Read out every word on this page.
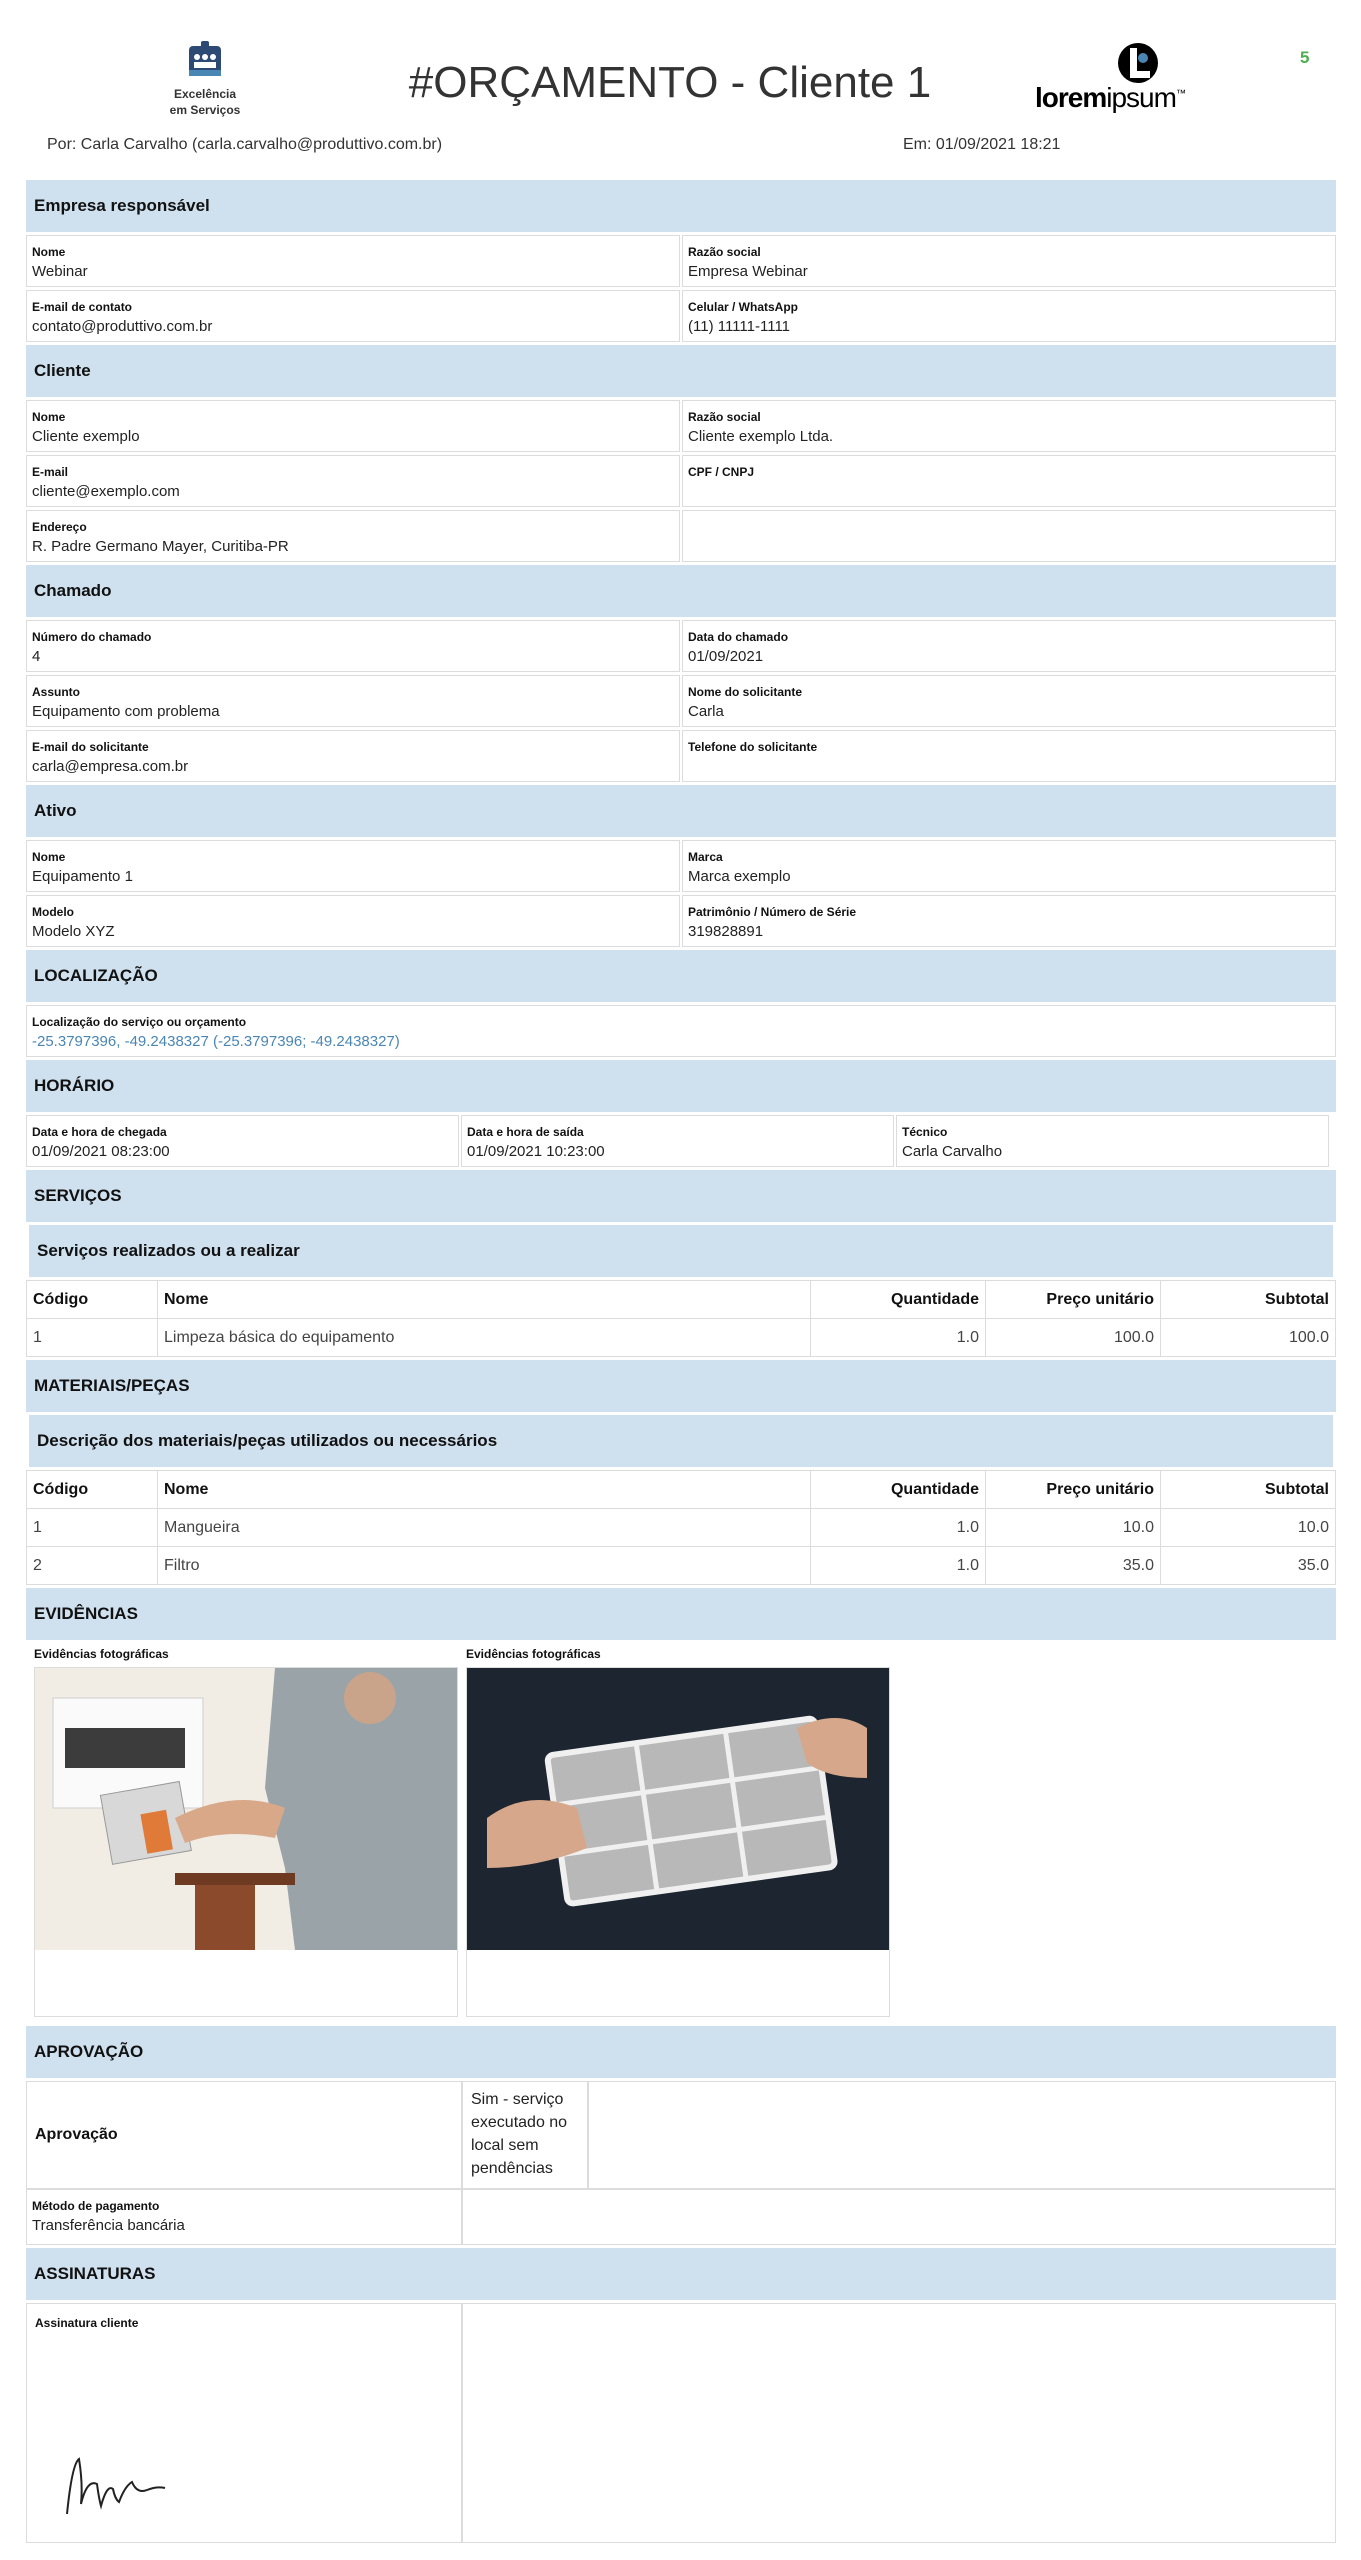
5
Excelência
em Serviços
#ORÇAMENTO - Cliente 1	loremipsum™
Por: Carla Carvalho (carla.carvalho@produttivo.com.br)	Em: 01/09/2021 18:21
Empresa responsável
Nome
Webinar
Razão social
Empresa Webinar
E-mail de contato
contato@produttivo.com.br
Celular / WhatsApp
(11) 11111-1111
Cliente
Nome
Cliente exemplo
Razão social
Cliente exemplo Ltda.
E-mail
cliente@exemplo.com
CPF / CNPJ
Endereço
R. Padre Germano Mayer, Curitiba-PR
Chamado
Número do chamado
4
Data do chamado
01/09/2021
Assunto
Equipamento com problema
Nome do solicitante
Carla
E-mail do solicitante
carla@empresa.com.br
Telefone do solicitante
Ativo
Nome
Equipamento 1
Marca
Marca exemplo
Modelo
Modelo XYZ
Patrimônio / Número de Série
319828891
LOCALIZAÇÃO
Localização do serviço ou orçamento
-25.3797396, -49.2438327 (-25.3797396; -49.2438327)
HORÁRIO
Data e hora de chegada
01/09/2021 08:23:00
Data e hora de saída
01/09/2021 10:23:00
Técnico
Carla Carvalho
SERVIÇOS
Serviços realizados ou a realizar
Código	Nome	Quantidade	Preço unitário	Subtotal
1	Limpeza básica do equipamento	1.0	100.0	100.0
MATERIAIS/PEÇAS
Descrição dos materiais/peças utilizados ou necessários
Código	Nome	Quantidade	Preço unitário	Subtotal
1	Mangueira	1.0	10.0	10.0
2	Filtro	1.0	35.0	35.0
EVIDÊNCIAS
Evidências fotográficas	Evidências fotográficas
APROVAÇÃO
Aprovação
Sim - serviço executado no local sem pendências
Método de pagamento
Transferência bancária
ASSINATURAS
Assinatura cliente
